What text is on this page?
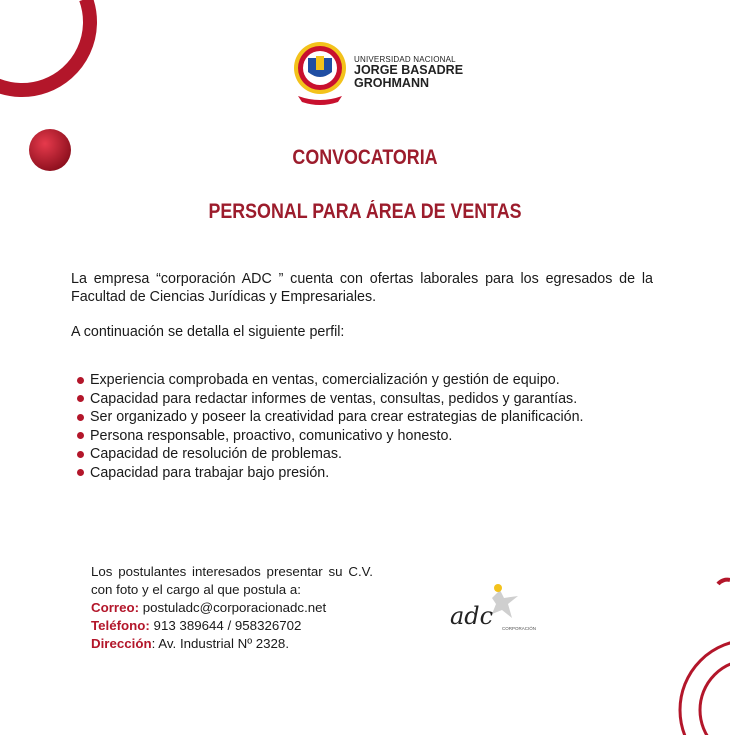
UNIVERSIDAD NACIONAL
JORGE BASADRE
GROHMANN
CONVOCATORIA
PERSONAL PARA ÁREA DE VENTAS
La empresa “corporación ADC ” cuenta con ofertas laborales para los egresados de la Facultad de Ciencias Jurídicas y Empresariales.
A continuación se detalla el siguiente perfil:
Experiencia comprobada en ventas, comercialización y gestión de equipo.
Capacidad para redactar informes de ventas, consultas, pedidos y garantías.
Ser organizado y poseer la creatividad para crear estrategias de planificación.
Persona responsable, proactivo, comunicativo y honesto.
Capacidad de resolución de problemas.
Capacidad para trabajar bajo presión.
Los postulantes interesados presentar su C.V.
con foto y el cargo al que postula a:
Correo: postuladc@corporacionadc.net
Teléfono: 913 389644 / 958326702
Dirección: Av. Industrial Nº 2328.
adc CORPORACIÓN
